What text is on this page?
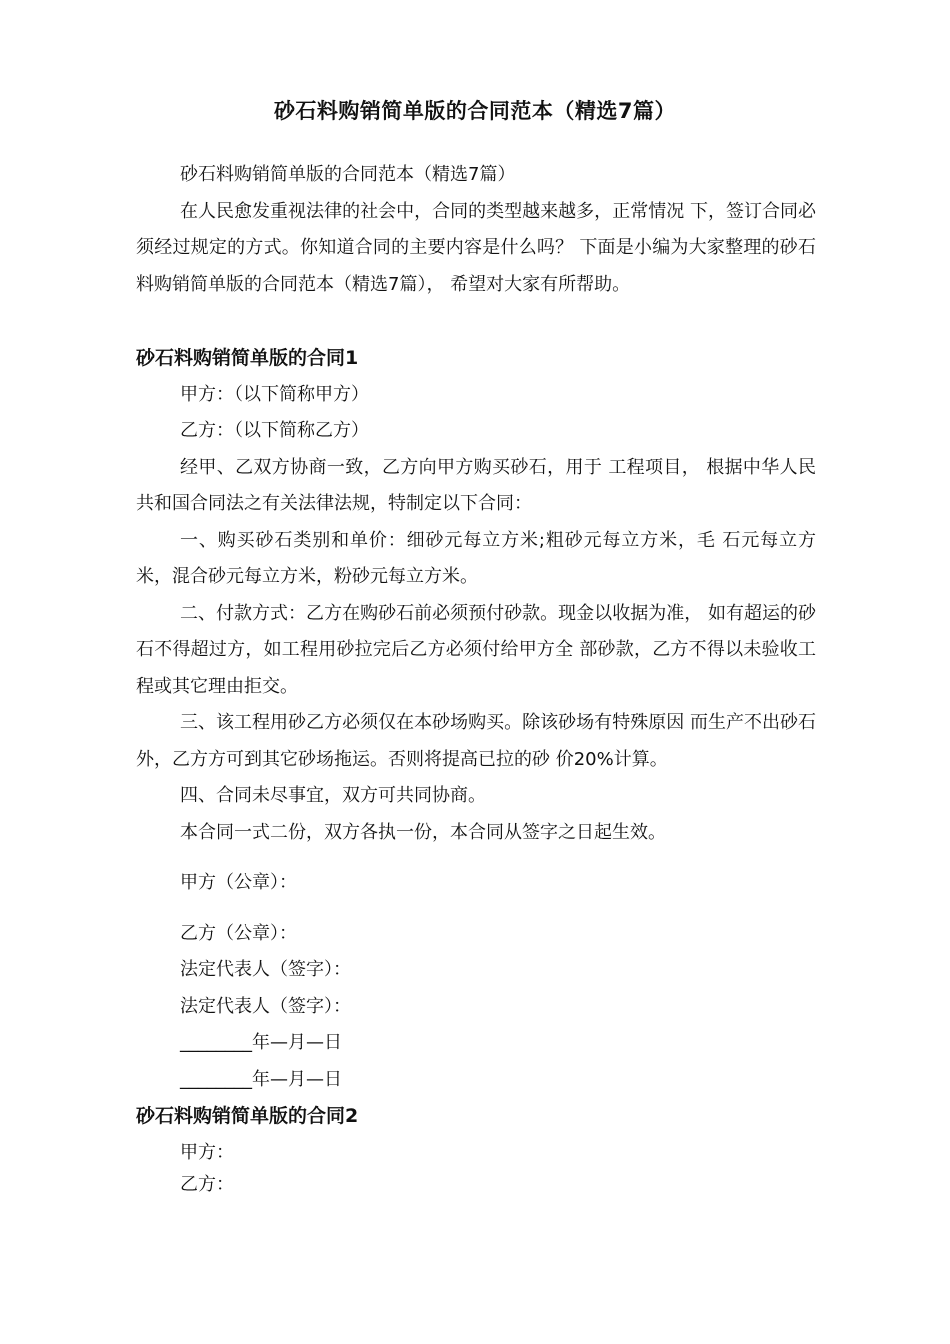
砂石料购销简单版的合同范本（精选7篇）

砂石料购销简单版的合同范本（精选7篇）

在人民愈发重视法律的社会中，合同的类型越来越多，正常情况 下，签订合同必须经过规定的方式。你知道合同的主要内容是什么吗？ 下面是小编为大家整理的砂石料购销简单版的合同范本（精选7篇）， 希望对大家有所帮助。

砂石料购销简单版的合同1

甲方：（以下简称甲方）

乙方：（以下简称乙方）

经甲、乙双方协商一致，乙方向甲方购买砂石，用于 工程项目， 根据中华人民共和国合同法之有关法律法规，特制定以下合同：

一、购买砂石类别和单价：细砂元每立方米;粗砂元每立方米，毛 石元每立方米，混合砂元每立方米，粉砂元每立方米。

二、付款方式：乙方在购砂石前必须预付砂款。现金以收据为准， 如有超运的砂石不得超过方，如工程用砂拉完后乙方必须付给甲方全 部砂款，乙方不得以未验收工程或其它理由拒交。

三、该工程用砂乙方必须仅在本砂场购买。除该砂场有特殊原因 而生产不出砂石外，乙方方可到其它砂场拖运。否则将提高已拉的砂 价20%计算。

四、合同未尽事宜，双方可共同协商。

本合同一式二份，双方各执一份，本合同从签字之日起生效。

甲方（公章）：

乙方（公章）：

法定代表人（签字）：

法定代表人（签字）：

________年—月—日

________年—月—日

砂石料购销简单版的合同2

甲方：

乙方：
